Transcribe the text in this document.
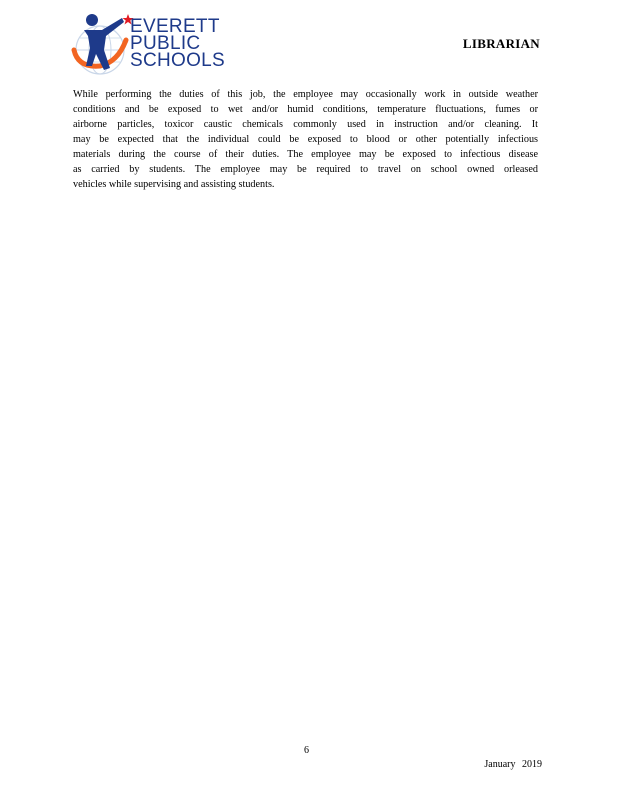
EVERETT
PUBLIC
SCHOOLS
LIBRARIAN
While performing the duties of this job, the employee may occasionally work in outside weather
conditions and be exposed to wet and/or humid conditions, temperature fluctuations, fumes or
airborne particles, toxicor caustic chemicals commonly used in instruction and/or cleaning. It
may be expected that the individual could be exposed to blood or other potentially infectious
materials during the course of their duties. The employee may be exposed to infectious disease
as carried by students. The employee may be required to travel on school owned orleased
vehicles while supervising and assisting students.
6
January 2019
